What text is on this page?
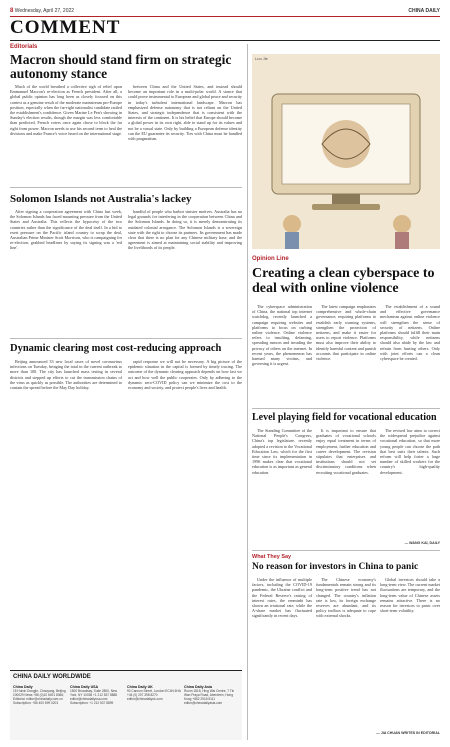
8 Wednesday, April 27, 2022	CHINA DAILY
COMMENT
Editorials
Macron should stand firm on strategic autonomy stance

Much of the world breathed a collective sigh of relief upon Emmanuel Macron's re-election as French president. After all, a global public opinion has long been as closely focused on this contest as a genuine result of the moderate mainstream pro-Europe position, especially when the far-right nationalist candidate rattled the establishment's confidence. Given Marine Le Pen's showing in Sunday's election results, though the margin was less comfortable than predicted, French voters once again chose to block the far right from power. Macron needs to use his second term to heal the divisions and make France's voice heard on the international stage.

between China and the United States, and instead should become an important role in a multi-polar world. A stance that could prove instrumental to European and global peace and security in today's turbulent international landscape. Macron has emphasized defense autonomy that is not reliant on the United States, and strategic independence that is consistent with the interests of the continent. It is his belief that Europe should become a global power in its own right, able to stand up for its values and not be a vassal state. Only by building a European defense identity can the EU guarantee its security. Ties with China must be handled with pragmatism.

Solomon Islands not Australia's lackey

After signing a cooperation agreement with China last week, the Solomon Islands has faced mounting pressure from the United States and Australia. This reflects the hypocrisy of the two countries rather than the significance of the deal itself. In a bid to exert pressure on the Pacific island country to scrap the deal, Australian Prime Minister Scott Morrison, who is campaigning for re-election, grabbed headlines by saying its signing was a 'red line'.

handful of people who harbor sinister motives. Australia has no legal grounds for interfering in the cooperation between China and the Solomon Islands. In doing so, it is merely demonstrating its outdated colonial arrogance. The Solomon Islands is a sovereign state with the right to choose its partners. Its government has made clear that there is no plan for any Chinese military base, and the agreement is aimed at maintaining social stability and improving the livelihoods of its people.

Dynamic clearing most cost-reducing approach

Beijing announced 33 new local cases of novel coronavirus infections on Tuesday, bringing the total in the current outbreak to more than 100. The city has launched mass testing in several districts and stepped up efforts to cut the transmission chains of the virus as quickly as possible. The authorities are determined to contain the spread before the May Day holiday.

rapid response we will not be necessary. A big picture of the epidemic situation in the capital is formed by timely tracing. The outcome of the dynamic clearing approach depends on how fast we act and how well the public cooperates. Only by adhering to the dynamic zero-COVID policy can we minimize the cost to the economy and society, and protect people's lives and health.

CHINA DAILY WORLDWIDE
China Daily
15 Huixin Dongjie, Chaoyang, Beijing 100029 News +86 (0)10 6491 8366; Editorial: editor@chinadaily.com.cn Subscription: +86 400 699 0203
China Daily USA
1500 Broadway, Suite 2800, New York, NY 10036 +1 212 537 8888 editor@chinadailyusa.com Subscription: +1 212 537 8899
China Daily UK
90 Cannon Street, London EC4N 6HA +44 (0) 207 398 8270 editor@chinadailyuk.com
China Daily Asia
Room 1818, Hing Wai Centre, 7 Tin Wan Praya Road, Aberdeen, Hong Kong +852 2518 5111 editor@chinadailyasia.com
Luo Jie
Opinion Line
Creating a clean cyberspace to deal with online violence

The cyberspace administration of China, the national top internet watchdog, recently launched a campaign requiring websites and platforms to focus on curbing online violence. Online violence refers to insulting, defaming, spreading rumors and invading the privacy of others on the internet. In recent years, the phenomenon has harmed many victims, and governing it is urgent.

The latest campaign emphasizes comprehensive and whole-chain governance, requiring platforms to establish early warning systems, strengthen the protection of netizens, and make it easier for users to report violence. Platforms must also improve their ability to identify harmful content and punish accounts that participate in online violence.

The establishment of a sound and effective governance mechanism against online violence will strengthen the sense of security of netizens. Online platforms should fulfill their main responsibility, while netizens should also abide by the law and refrain from hurting others. Only with joint efforts can a clean cyberspace be created.

Level playing field for vocational education

The Standing Committee of the National People's Congress, China's top legislature, recently adopted a revision to the Vocational Education Law, which for the first time since its implementation in 1996 makes clear that vocational education is as important as general education.

It is important to ensure that graduates of vocational schools enjoy equal treatment in terms of employment, further education and career development. The revision stipulates that enterprises and institutions should not set discriminatory conditions when recruiting vocational graduates.

The revised law aims to correct the widespread prejudice against vocational education, so that more young people can choose the path that best suits their talents. Such reform will help foster a large number of skilled workers for the country's high-quality development.

— WANG KAI, DAILY
What They Say
No reason for investors in China to panic

Under the influence of multiple factors, including the COVID-19 pandemic, the Ukraine conflict and the Federal Reserve's raising of interest rates, the renminbi has shown an irrational rate, while the A-share market has fluctuated significantly in recent days.

The Chinese economy's fundamentals remain strong and its long-term positive trend has not changed. The country's inflation rate is low, its foreign exchange reserves are abundant, and its policy toolbox is adequate to cope with external shocks.

Global investors should take a long-term view. The current market fluctuations are temporary, and the long-term value of Chinese assets remains attractive. There is no reason for investors to panic over short-term volatility.

— JIA CHUAN WRITES IN EDITORIAL
